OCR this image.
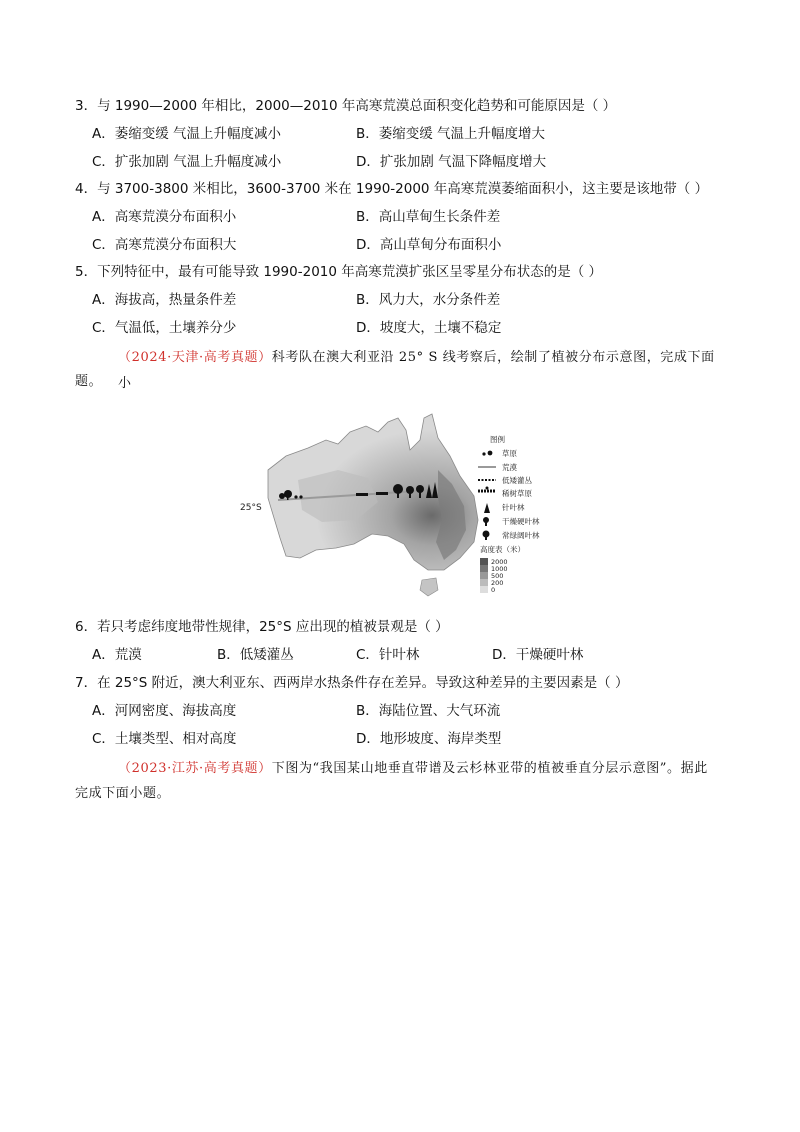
3．与 1990—2000 年相比，2000—2010 年高寒荒漠总面积变化趋势和可能原因是（ ）
A．萎缩变缓 气温上升幅度减小	B．萎缩变缓 气温上升幅度增大
C．扩张加剧 气温上升幅度减小	D．扩张加剧 气温下降幅度增大
4．与 3700-3800 米相比，3600-3700 米在 1990-2000 年高寒荒漠萎缩面积小，这主要是该地带（ ）
A．高寒荒漠分布面积小	B．高山草甸生长条件差
C．高寒荒漠分布面积大	D．高山草甸分布面积小
5．下列特征中，最有可能导致 1990-2010 年高寒荒漠扩张区呈零星分布状态的是（ ）
A．海拔高，热量条件差	B．风力大，水分条件差
C．气温低，土壤养分少	D．坡度大，土壤不稳定
（2024·天津·高考真题）科考队在澳大利亚沿 25° S 线考察后，绘制了植被分布示意图，完成下面小
题。
25°S
图例
草原
荒漠
低矮灌丛
稀树草原
针叶林
干燥硬叶林
常绿阔叶林
高度表（米）
2000
1000
500
200
0
6．若只考虑纬度地带性规律，25°S 应出现的植被景观是（ ）
A．荒漠	B．低矮灌丛	C．针叶林	D．干燥硬叶林
7．在 25°S 附近，澳大利亚东、西两岸水热条件存在差异。导致这种差异的主要因素是（ ）
A．河网密度、海拔高度	B．海陆位置、大气环流
C．土壤类型、相对高度	D．地形坡度、海岸类型
（2023·江苏·高考真题）下图为“我国某山地垂直带谱及云杉林亚带的植被垂直分层示意图”。据此
完成下面小题。
